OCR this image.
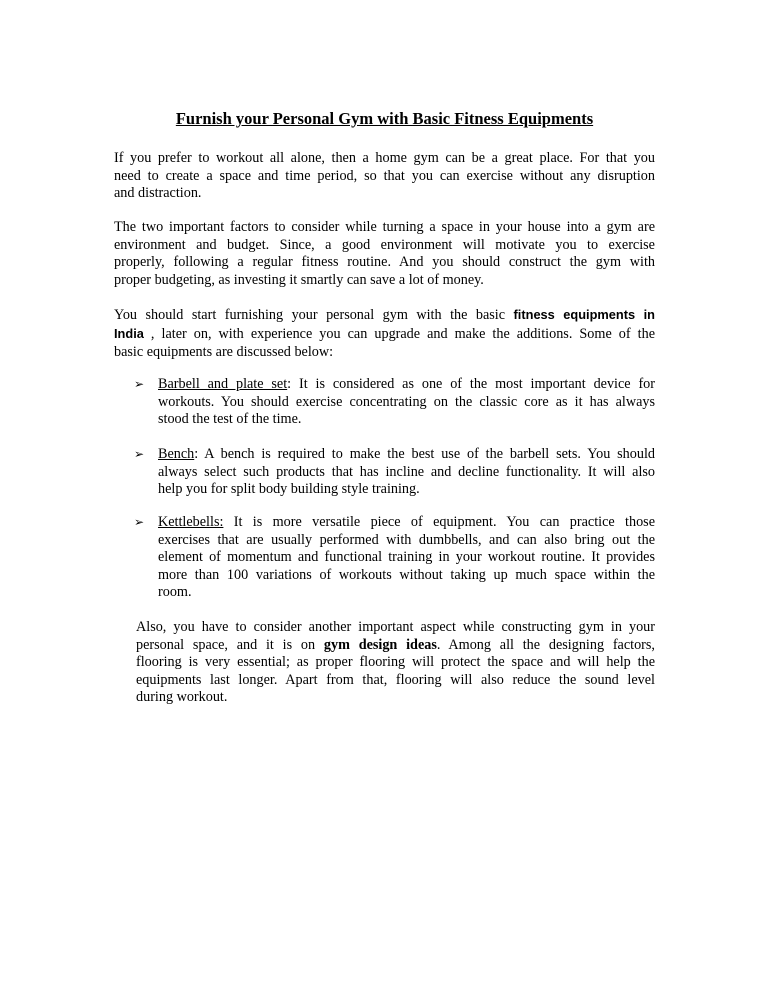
Furnish your Personal Gym with Basic Fitness Equipments

If you prefer to workout all alone, then a home gym can be a great place. For that you
need to create a space and time period, so that you can exercise without any disruption
and distraction.

The two important factors to consider while turning a space in your house into a gym are
environment and budget. Since, a good environment will motivate you to exercise
properly, following a regular fitness routine. And you should construct the gym with
proper budgeting, as investing it smartly can save a lot of money.

You should start furnishing your personal gym with the basic fitness equipments in
India , later on, with experience you can upgrade and make the additions. Some of the
basic equipments are discussed below:

➢ Barbell and plate set: It is considered as one of the most important device for
workouts. You should exercise concentrating on the classic core as it has always
stood the test of the time.
➢ Bench: A bench is required to make the best use of the barbell sets. You should
always select such products that has incline and decline functionality. It will also
help you for split body building style training.
➢ Kettlebells: It is more versatile piece of equipment. You can practice those
exercises that are usually performed with dumbbells, and can also bring out the
element of momentum and functional training in your workout routine. It provides
more than 100 variations of workouts without taking up much space within the
room.

Also, you have to consider another important aspect while constructing gym in your
personal space, and it is on gym design ideas. Among all the designing factors,
flooring is very essential; as proper flooring will protect the space and will help the
equipments last longer. Apart from that, flooring will also reduce the sound level
during workout.
